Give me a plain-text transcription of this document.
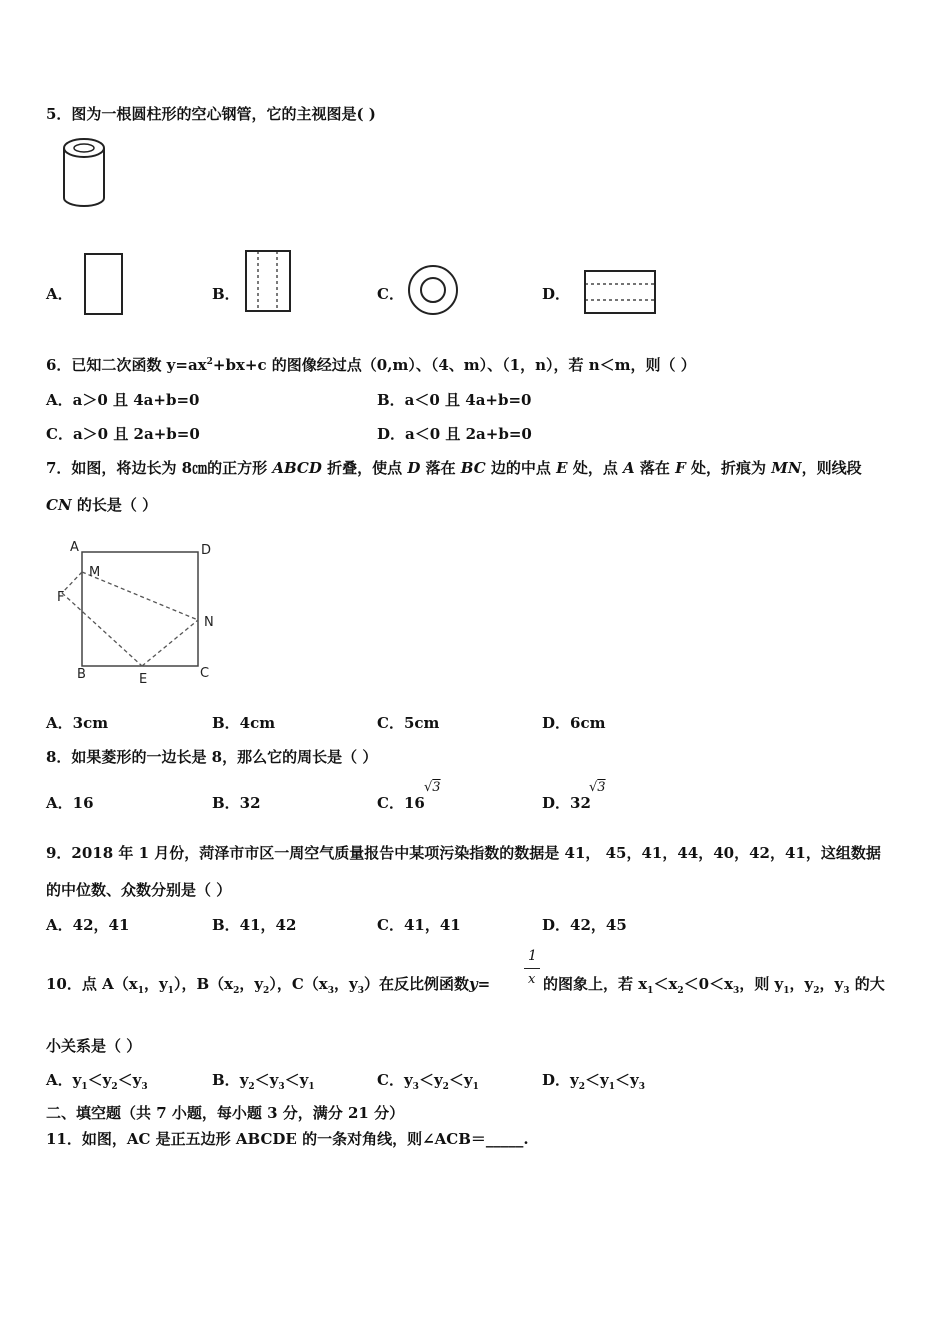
5．图为一根圆柱形的空心钢管，它的主视图是( )
A．	B．	C．	D．
6．已知二次函数 $y=ax^2+bx+c$ 的图像经过点（0,m）、（4、m）、（1，n），若 n＜m，则（ ）
A．a＞0 且 4a+b=0	B．a＜0 且 4a+b=0
C．a＞0 且 2a+b=0	D．a＜0 且 2a+b=0
7．如图，将边长为 8㎝的正方形 ABCD 折叠，使点 D 落在 BC 边的中点 E 处，点 A 落在 F 处，折痕为 MN，则线段
CN 的长是（ ）
A	D
M
F
N
B	E	C
A．3cm	B．4cm	C．5cm	D．6cm
8．如果菱形的一边长是 8，那么它的周长是（ ）
A．16	B．32	C．16
√3
D．32
√3
9．2018 年 1 月份，菏泽市市区一周空气质量报告中某项污染指数的数据是 41， 45，41，44，40，42，41，这组数据
的中位数、众数分别是（ ）
A．42，41	B．41，42	C．41，41	D．42，45
10．点 $A(x_1$，$y_1$），$B(x_2$，$y_2$），$C(x_3$，$y_3$）在反比例函数y=
1
x 的图象上，若 $x_1<x_2<0<x_3$，则 $y_1$，$y_2$，$y_3$ 的大
小关系是（ ）
A．$y_1<y_2<y_3$	B．$y_2<y_3<y_1$	C．$y_3<y_2<y_1$	D．$y_2<y_1<y_3$
二、填空题（共 7 小题，每小题 3 分，满分 21 分）
11．如图，AC 是正五边形 ABCDE 的一条对角线，则∠ACB＝_____.
